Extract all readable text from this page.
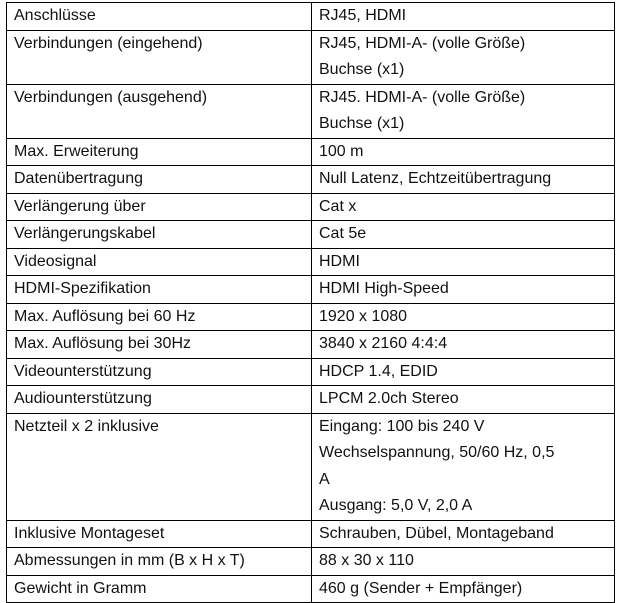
Anschlüsse	RJ45, HDMI
Verbindungen (eingehend)	RJ45, HDMI-A- (volle Größe)
Buchse (x1)
Verbindungen (ausgehend)	RJ45. HDMI-A- (volle Größe)
Buchse (x1)
Max. Erweiterung	100 m
Datenübertragung	Null Latenz, Echtzeitübertragung
Verlängerung über	Cat x
Verlängerungskabel	Cat 5e
Videosignal	HDMI
HDMI-Spezifikation	HDMI High-Speed
Max. Auflösung bei 60 Hz	1920 x 1080
Max. Auflösung bei 30Hz	3840 x 2160 4:4:4
Videounterstützung	HDCP 1.4, EDID
Audiounterstützung	LPCM 2.0ch Stereo
Netzteil x 2 inklusive	Eingang: 100 bis 240 V
Wechselspannung, 50/60 Hz, 0,5
A
Ausgang: 5,0 V, 2,0 A
Inklusive Montageset	Schrauben, Dübel, Montageband
Abmessungen in mm (B x H x T)	88 x 30 x 110
Gewicht in Gramm	460 g (Sender + Empfänger)
